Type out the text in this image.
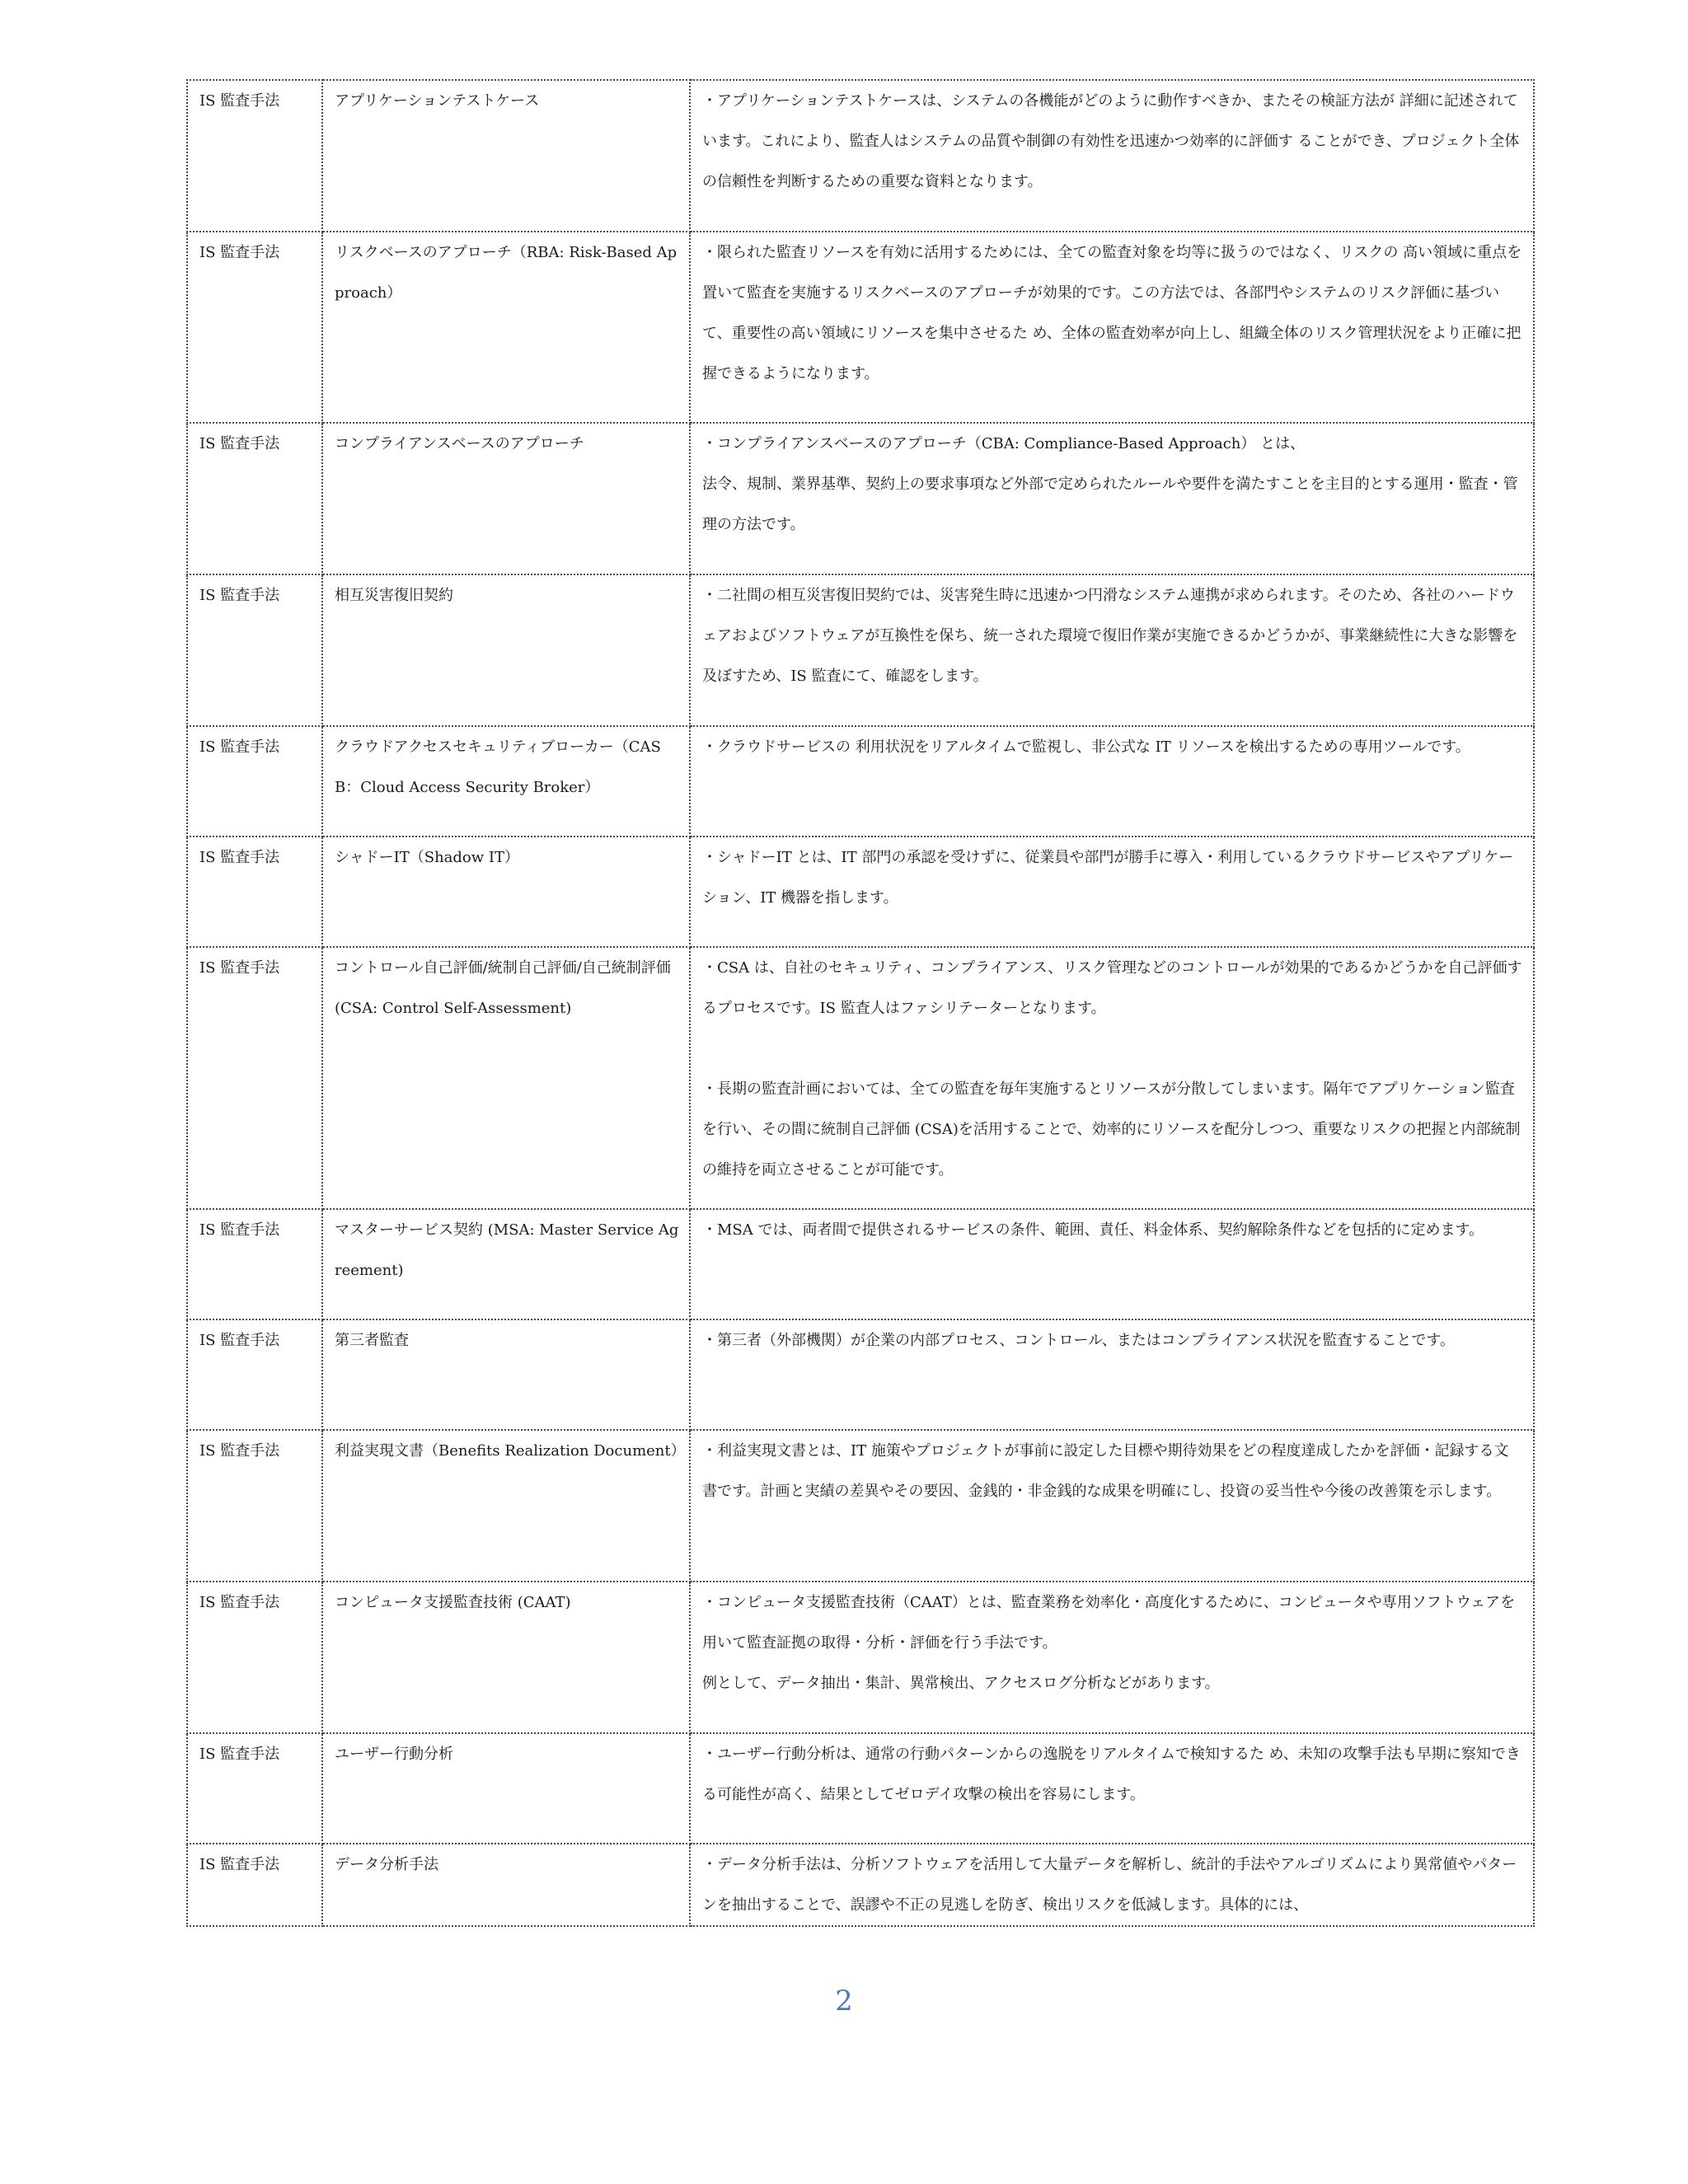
IS 監査手法	アプリケーションテストケース	・アプリケーションテストケースは、システムの各機能がどのように動作すべきか、またその検証方法が 詳細に記述されています。これにより、監査人はシステムの品質や制御の有効性を迅速かつ効率的に評価す ることができ、プロジェクト全体の信頼性を判断するための重要な資料となります。

IS 監査手法	リスクベースのアプローチ（RBA: Risk-Based Approach）	・限られた監査リソースを有効に活用するためには、全ての監査対象を均等に扱うのではなく、リスクの 高い領域に重点を置いて監査を実施するリスクベースのアプローチが効果的です。この方法では、各部門やシステムのリスク評価に基づいて、重要性の高い領域にリソースを集中させるた め、全体の監査効率が向上し、組織全体のリスク管理状況をより正確に把握できるようになります。

IS 監査手法	コンプライアンスベースのアプローチ	・コンプライアンスベースのアプローチ（CBA: Compliance-Based Approach） とは、
法令、規制、業界基準、契約上の要求事項など外部で定められたルールや要件を満たすことを主目的とする運用・監査・管理の方法です。

IS 監査手法	相互災害復旧契約	・二社間の相互災害復旧契約では、災害発生時に迅速かつ円滑なシステム連携が求められます。そのため、各社のハードウェアおよびソフトウェアが互換性を保ち、統一された環境で復旧作業が実施できるかどうかが、事業継続性に大きな影響を及ぼすため、IS 監査にて、確認をします。

IS 監査手法	クラウドアクセスセキュリティブローカー（CASB：Cloud Access Security Broker）	・クラウドサービスの 利用状況をリアルタイムで監視し、非公式な IT リソースを検出するための専用ツールです。

IS 監査手法	シャドーIT（Shadow IT）	・シャドーIT とは、IT 部門の承認を受けずに、従業員や部門が勝手に導入・利用しているクラウドサービスやアプリケーション、IT 機器を指します。

IS 監査手法	コントロール自己評価/統制自己評価/自己統制評価(CSA: Control Self-Assessment)	・CSA は、自社のセキュリティ、コンプライアンス、リスク管理などのコントロールが効果的であるかどうかを自己評価するプロセスです。IS 監査人はファシリテーターとなります。
・長期の監査計画においては、全ての監査を毎年実施するとリソースが分散してしまいます。隔年でアプリケーション監査を行い、その間に統制自己評価 (CSA)を活用することで、効率的にリソースを配分しつつ、重要なリスクの把握と内部統制の維持を両立させることが可能です。

IS 監査手法	マスターサービス契約 (MSA: Master Service Agreement)	・MSA では、両者間で提供されるサービスの条件、範囲、責任、料金体系、契約解除条件などを包括的に定めます。

IS 監査手法	第三者監査	・第三者（外部機関）が企業の内部プロセス、コントロール、またはコンプライアンス状況を監査することです。

IS 監査手法	利益実現文書（Benefits Realization Document）	・利益実現文書とは、IT 施策やプロジェクトが事前に設定した目標や期待効果をどの程度達成したかを評価・記録する文書です。計画と実績の差異やその要因、金銭的・非金銭的な成果を明確にし、投資の妥当性や今後の改善策を示します。

IS 監査手法	コンピュータ支援監査技術 (CAAT)	・コンピュータ支援監査技術（CAAT）とは、監査業務を効率化・高度化するために、コンピュータや専用ソフトウェアを用いて監査証拠の取得・分析・評価を行う手法です。
例として、データ抽出・集計、異常検出、アクセスログ分析などがあります。

IS 監査手法	ユーザー行動分析	・ユーザー行動分析は、通常の行動パターンからの逸脱をリアルタイムで検知するた め、未知の攻撃手法も早期に察知できる可能性が高く、結果としてゼロデイ攻撃の検出を容易にします。

IS 監査手法	データ分析手法	・データ分析手法は、分析ソフトウェアを活用して大量データを解析し、統計的手法やアルゴリズムにより異常値やパターンを抽出することで、誤謬や不正の見逃しを防ぎ、検出リスクを低減します。具体的には、
2
